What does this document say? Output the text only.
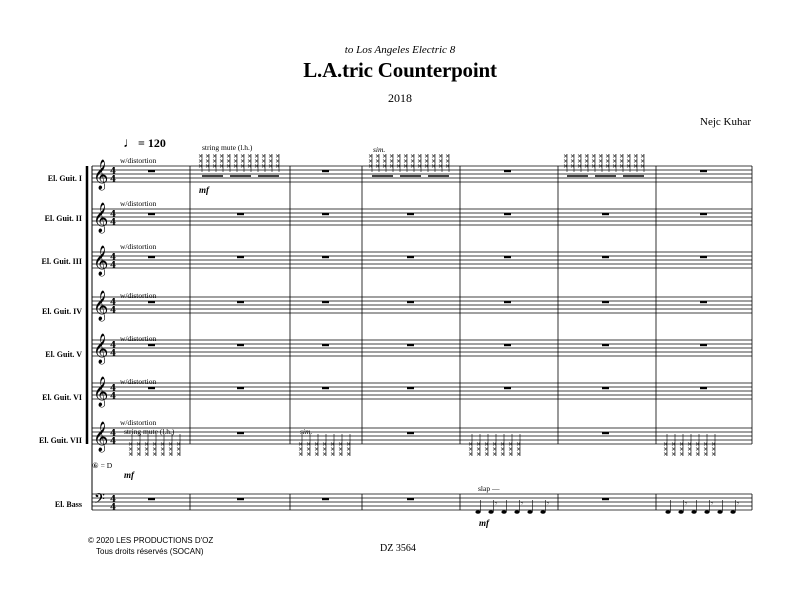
to Los Angeles Electric 8
L.A.tric Counterpoint
2018
Nejc Kuhar
♩= 120
El. Guit. I
El. Guit. II
El. Guit. III
El. Guit. IV
El. Guit. V
El. Guit. VI
El. Guit. VII
El. Bass
w/distortion
w/distortion
w/distortion
w/distortion
w/distortion
w/distortion
w/distortion
string mute (l.h.)
string mute (l.h.)	sim.
sim.
mf
mf
mf
slap —
⑥ = D
𝄞 4
4
𝄞 4
4
𝄞 4
4
𝄞 4
4
𝄞 4
4
𝄞 4
4
𝄞 4
4
𝄢 4
4
×
×
×
×
×
×
×
×
×
×
×
×
×
×
×
×
×
×
×
×
×
×
×
×
×
×
×
×
×
×
×
×
×
×
×
×
×
×
×
×
×
×
×
×
×
×
×
×
×
×
×
×
×
×
×
×
×
×
×
×
×
×
×
×
×
×
×
×
×
×
×
×
×
×
×
×
×
×
×
×
×
×
×
×
×
×
×
×
×
×
×
×
×
×
×
×
×
×
×
×
×
×
×
×
×
×
×
×
×
×
×
×
×
×
×
×
×
×
×
×
×
×
×
×
×
×
×
×
×
×
×
×
×
×
×
×
×
×
×
×
×
×
×
×
×
×
×
×
×
×
×
×
×
×
×
×
×
×
×
×
×
×
×
×
×
×
×
×
×
×
×
×
×
×
×
×
×
×
×
×
×
×
×
×
×
×
×
×
×
×
×
×
𝄾	𝄾	𝄾	𝄾	𝄾	𝄾
© 2020 LES PRODUCTIONS D'OZ
Tous droits réservés (SOCAN)	DZ 3564
